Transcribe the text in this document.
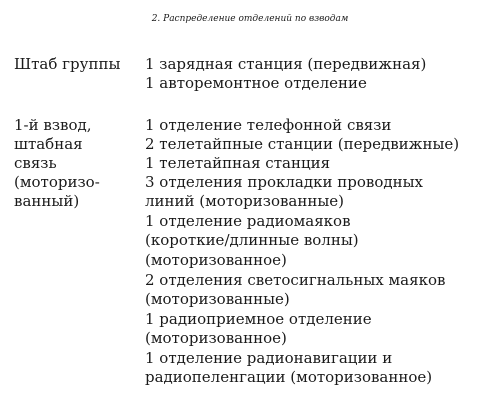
2. Распределение отделений по взводам
Штаб группы 1 зарядная станция (передвижная)
1 авторемонтное отделение
1-й взвод,
штабная
связь
(моторизо-
ванный)
1 отделение телефонной связи
2 телетайпные станции (передвижные)
1 телетайпная станция
3 отделения прокладки проводных
линий (моторизованные)
1 отделение радиомаяков
(короткие/длинные волны)
(моторизованное)
2 отделения светосигнальных маяков
(моторизованные)
1 радиоприемное отделение
(моторизованное)
1 отделение радионавигации и
радиопеленгации (моторизованное)
